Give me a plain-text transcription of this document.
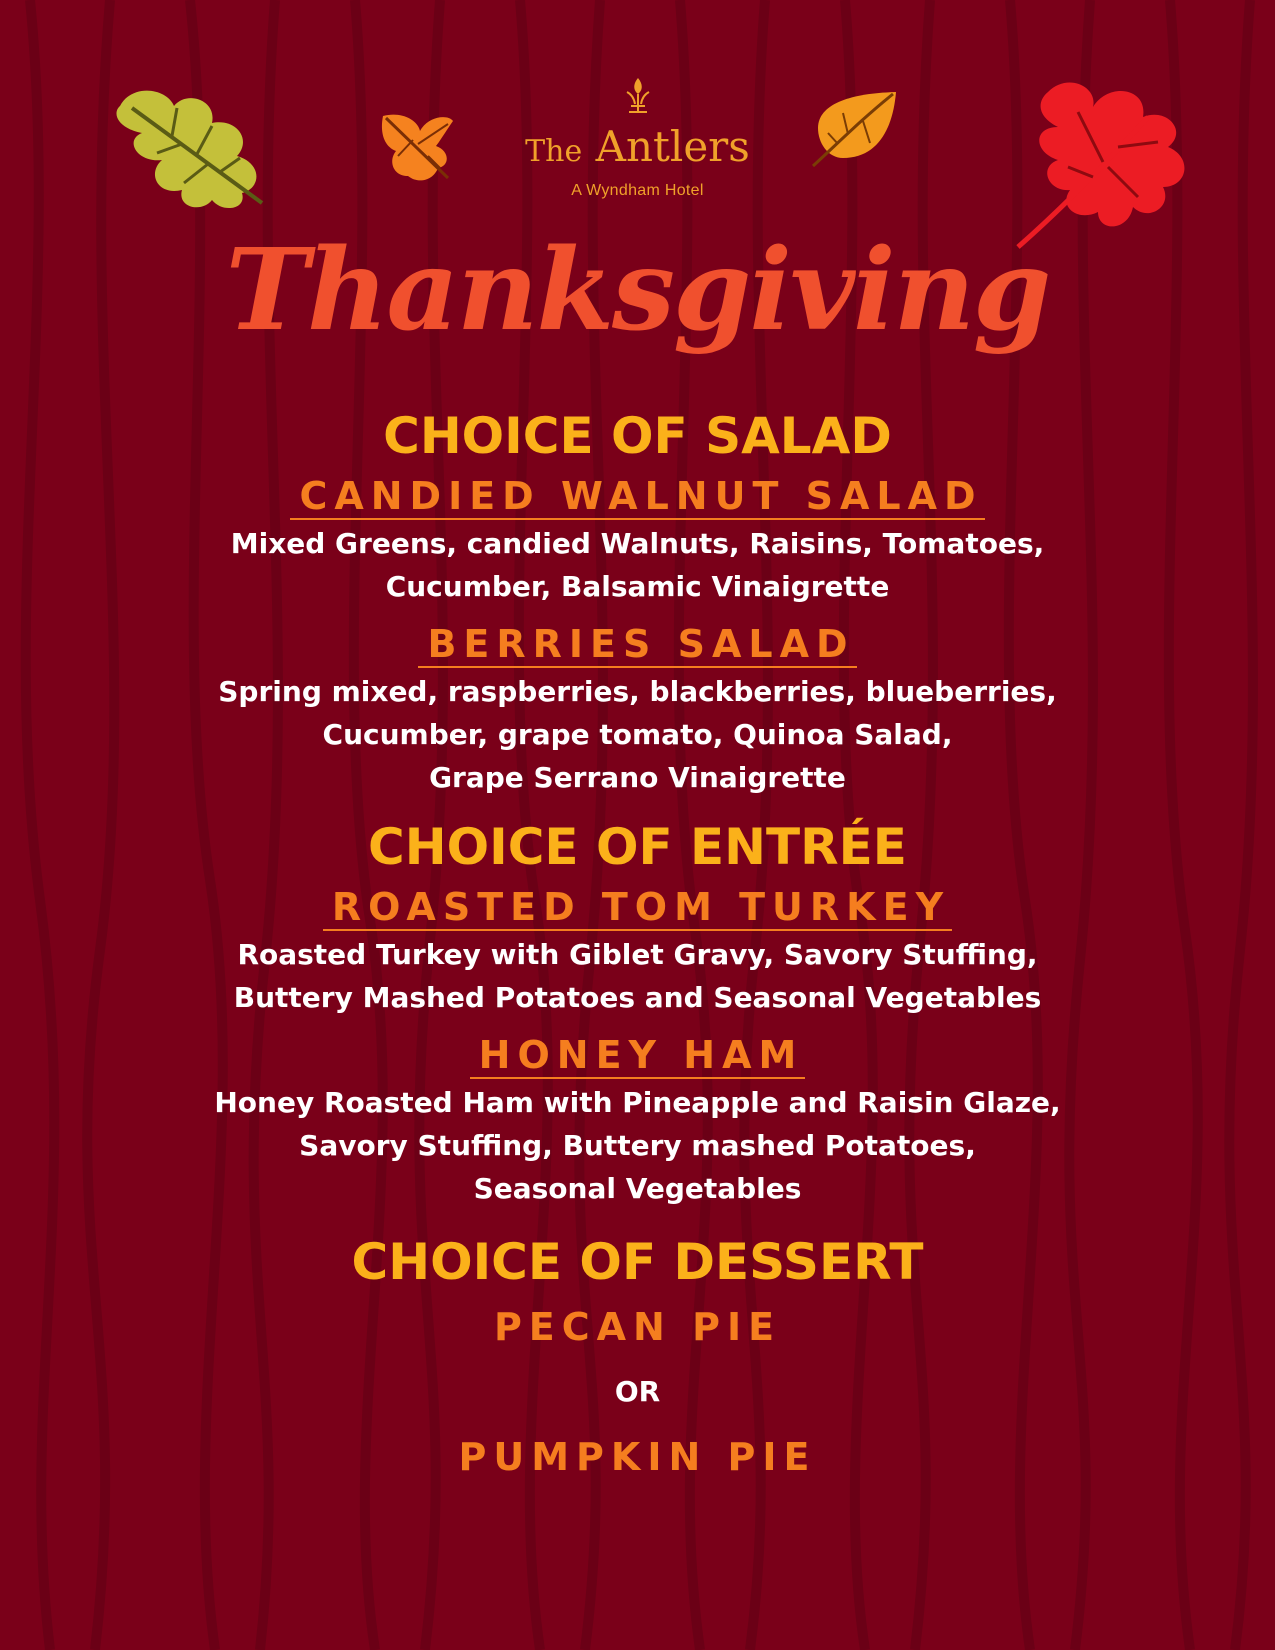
The Antlers
A Wyndham Hotel
Thanksgiving
CHOICE OF SALAD
CANDIED WALNUT SALAD
Mixed Greens, candied Walnuts, Raisins, Tomatoes,
Cucumber, Balsamic Vinaigrette
BERRIES SALAD
Spring mixed, raspberries, blackberries, blueberries,
Cucumber, grape tomato, Quinoa Salad,
Grape Serrano Vinaigrette
CHOICE OF ENTRÉE
ROASTED TOM TURKEY
Roasted Turkey with Giblet Gravy, Savory Stuffing,
Buttery Mashed Potatoes and Seasonal Vegetables
HONEY HAM
Honey Roasted Ham with Pineapple and Raisin Glaze,
Savory Stuffing, Buttery mashed Potatoes,
Seasonal Vegetables
CHOICE OF DESSERT
PECAN PIE
OR
PUMPKIN PIE
